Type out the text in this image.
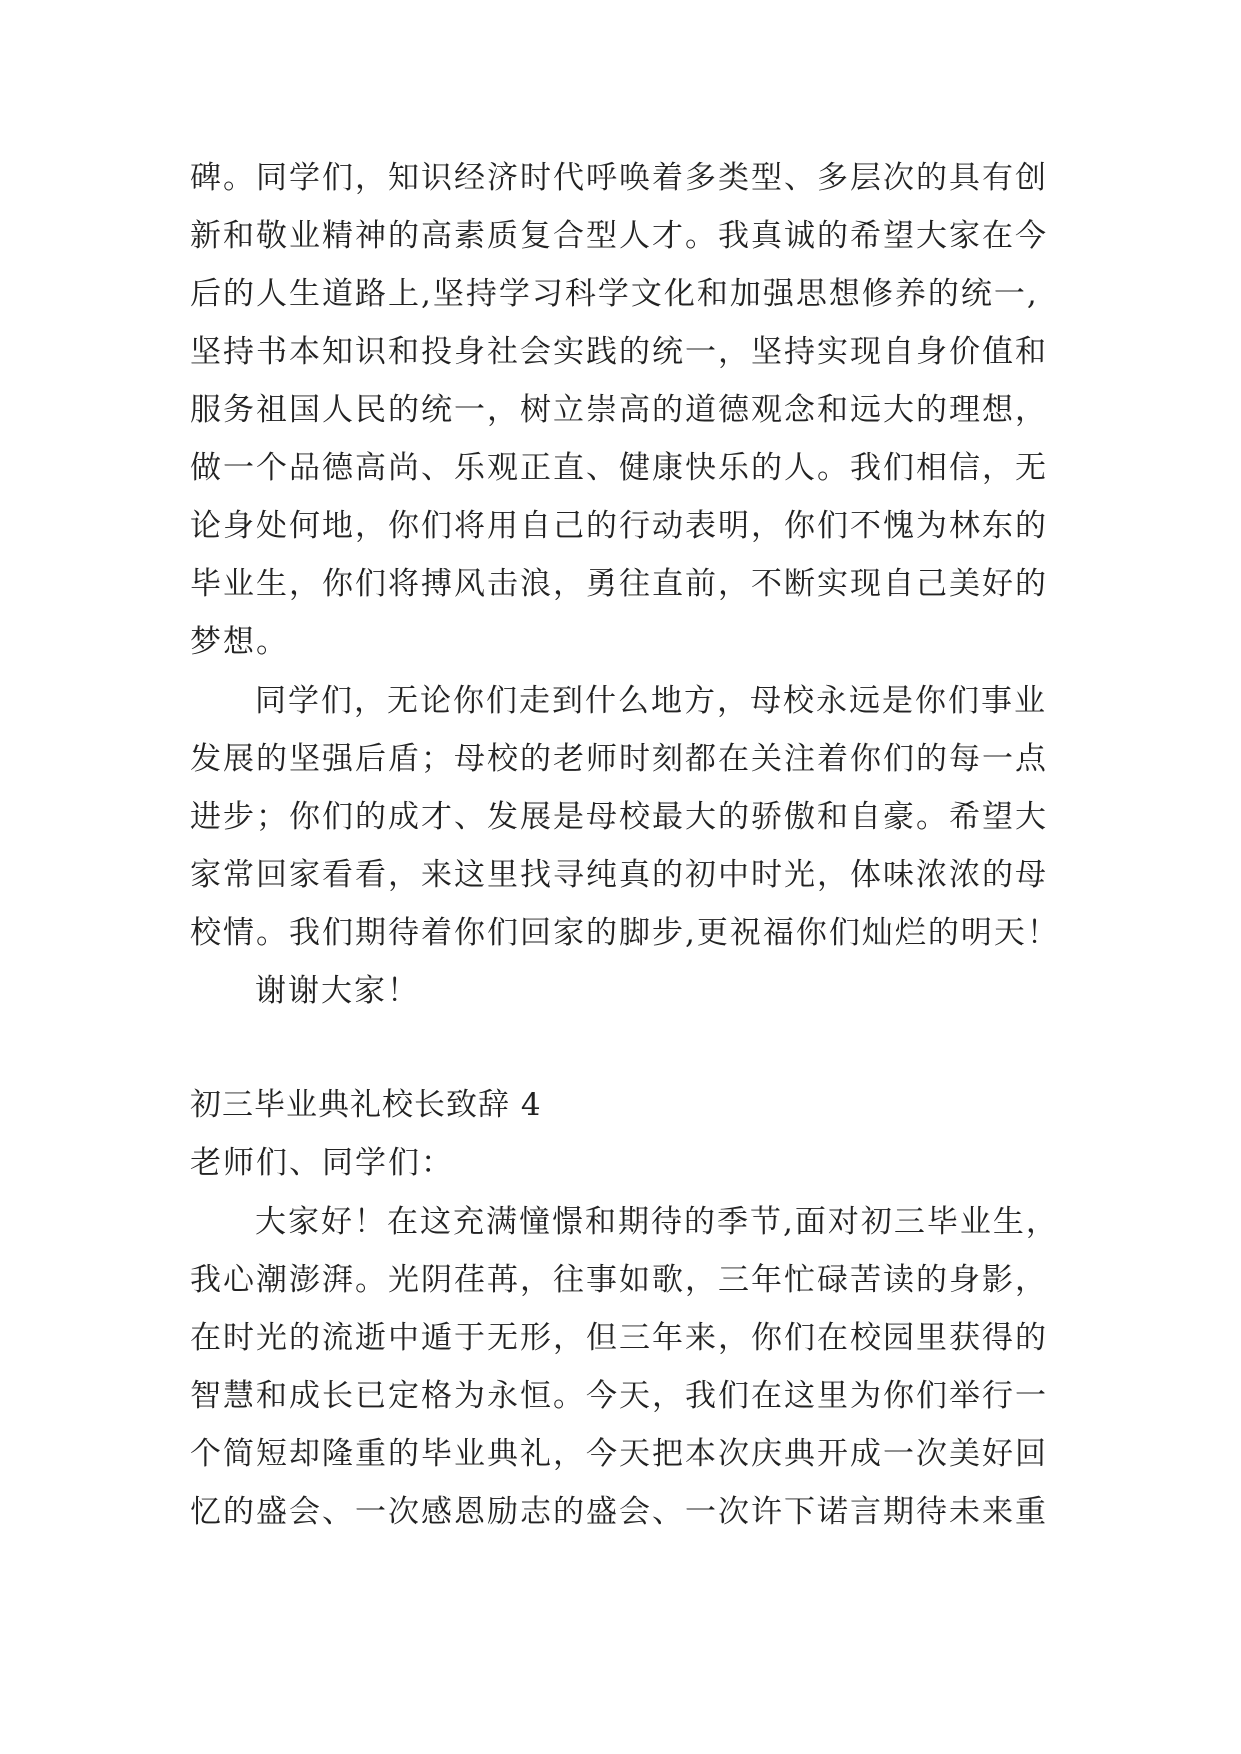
碑。同学们，知识经济时代呼唤着多类型、多层次的具有创
新和敬业精神的高素质复合型人才。我真诚的希望大家在今
后的人生道路上,坚持学习科学文化和加强思想修养的统一,
坚持书本知识和投身社会实践的统一，坚持实现自身价值和
服务祖国人民的统一，树立崇高的道德观念和远大的理想，
做一个品德高尚、乐观正直、健康快乐的人。我们相信，无
论身处何地，你们将用自己的行动表明，你们不愧为林东的
毕业生，你们将搏风击浪，勇往直前，不断实现自己美好的
梦想。
同学们，无论你们走到什么地方，母校永远是你们事业
发展的坚强后盾；母校的老师时刻都在关注着你们的每一点
进步；你们的成才、发展是母校最大的骄傲和自豪。希望大
家常回家看看，来这里找寻纯真的初中时光，体味浓浓的母
校情。我们期待着你们回家的脚步,更祝福你们灿烂的明天！
谢谢大家！
初三毕业典礼校长致辞 4
老师们、同学们：
大家好！在这充满憧憬和期待的季节,面对初三毕业生，
我心潮澎湃。光阴荏苒，往事如歌，三年忙碌苦读的身影，
在时光的流逝中遁于无形，但三年来，你们在校园里获得的
智慧和成长已定格为永恒。今天，我们在这里为你们举行一
个简短却隆重的毕业典礼，今天把本次庆典开成一次美好回
忆的盛会、一次感恩励志的盛会、一次许下诺言期待未来重
